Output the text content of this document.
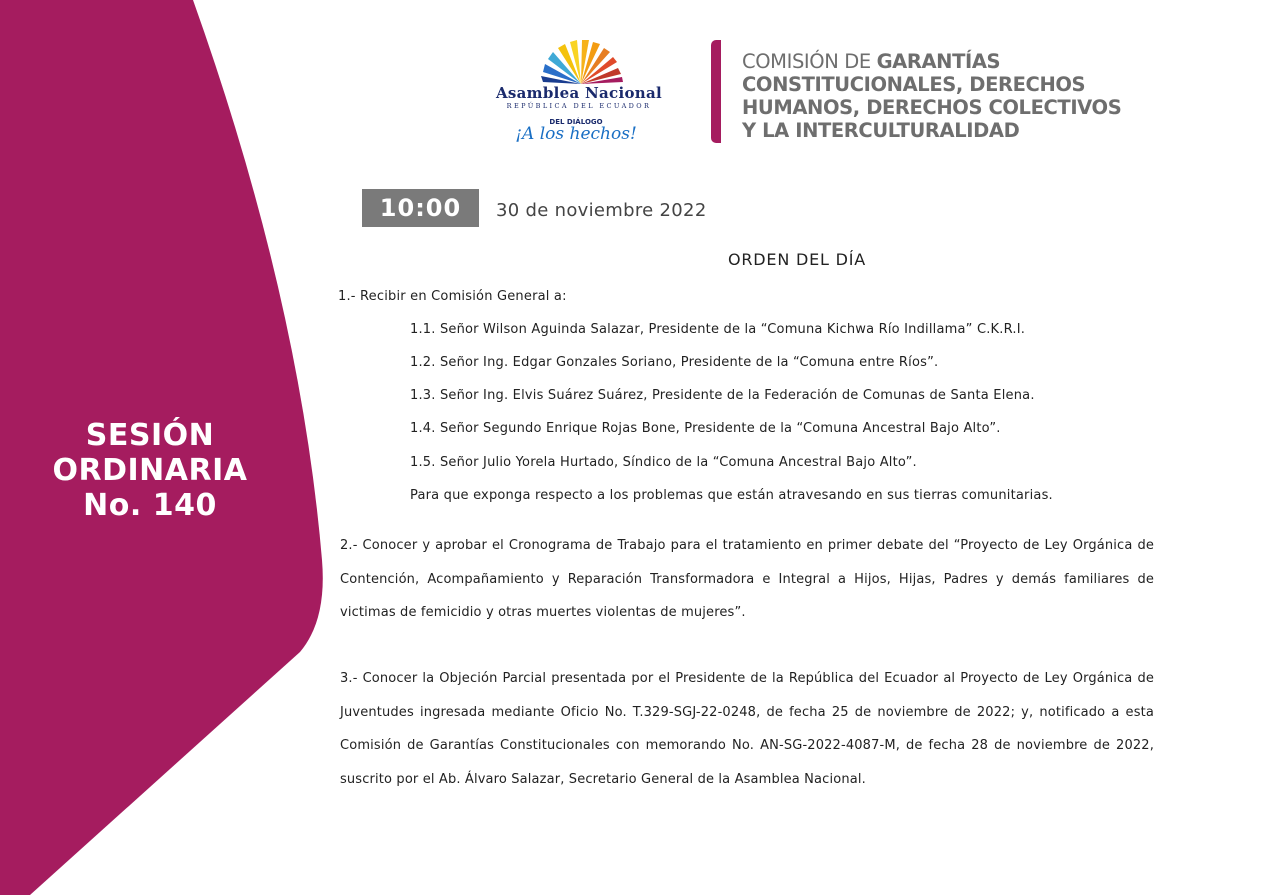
SESIÓN
ORDINARIA
No. 140
Asamblea Nacional
REPÚBLICA DEL ECUADOR
DEL DIÁLOGO
¡A los hechos!
COMISIÓN DE GARANTÍAS
CONSTITUCIONALES, DERECHOS
HUMANOS, DERECHOS COLECTIVOS
Y LA INTERCULTURALIDAD
10:00	30 de noviembre 2022
ORDEN DEL DÍA
1.- Recibir en Comisión General a:
1.1. Señor Wilson Aguinda Salazar, Presidente de la “Comuna Kichwa Río Indillama” C.K.R.I.
1.2. Señor Ing. Edgar Gonzales Soriano, Presidente de la “Comuna entre Ríos”.
1.3. Señor Ing. Elvis Suárez Suárez, Presidente de la Federación de Comunas de Santa Elena.
1.4. Señor Segundo Enrique Rojas Bone, Presidente de la “Comuna Ancestral Bajo Alto”.
1.5. Señor Julio Yorela Hurtado, Síndico de la “Comuna Ancestral Bajo Alto”.
Para que exponga respecto a los problemas que están atravesando en sus tierras comunitarias.
2.- Conocer y aprobar el Cronograma de Trabajo para el tratamiento en primer debate del “Proyecto de Ley Orgánica de Contención, Acompañamiento y Reparación Transformadora e Integral a Hijos, Hijas, Padres y demás familiares de victimas de femicidio y otras muertes violentas de mujeres”.
3.- Conocer la Objeción Parcial presentada por el Presidente de la República del Ecuador al Proyecto de Ley Orgánica de Juventudes ingresada mediante Oficio No. T.329-SGJ-22-0248, de fecha 25 de noviembre de 2022; y, notificado a esta Comisión de Garantías Constitucionales con memorando No. AN-SG-2022-4087-M, de fecha 28 de noviembre de 2022, suscrito por el Ab. Álvaro Salazar, Secretario General de la Asamblea Nacional.
